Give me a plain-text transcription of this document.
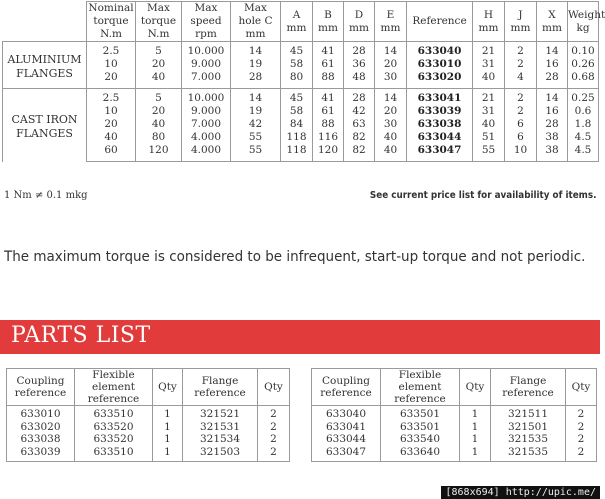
	Nominal
torque
N.m	Max
torque
N.m	Max
speed
rpm	Max
hole C
mm	A
mm	B
mm	D
mm	E
mm	Reference	H
mm	J
mm	X
mm	Weight
kg
ALUMINIUM
FLANGES	2.5	5	10.000	14	45	41	28	14	633040	21	2	14	0.10
	10	20	9.000	19	58	61	36	20	633010	31	2	16	0.26
	20	40	7.000	28	80	88	48	30	633020	40	4	28	0.68
CAST IRON
FLANGES	2.5	5	10.000	14	45	41	28	14	633041	21	2	14	0.25
	10	20	9.000	19	58	61	42	20	633039	31	2	16	0.6
	20	40	7.000	42	84	88	63	30	633038	40	6	28	1.8
	40	80	4.000	55	118	116	82	40	633044	51	6	38	4.5
	60	120	4.000	55	118	120	82	40	633047	55	10	38	4.5
1 Nm ≠ 0.1 mkg	See current price list for availability of items.
The maximum torque is considered to be infrequent, start-up torque and not periodic.
PARTS LIST
Coupling
reference	Flexible
element
reference	Qty	Flange
reference	Qty
633010	633510	1	321521	2
633020	633520	1	321531	2
633038	633520	1	321534	2
633039	633510	1	321503	2
Coupling
reference	Flexible
element
reference	Qty	Flange
reference	Qty
633040	633501	1	321511	2
633041	633501	1	321501	2
633044	633540	1	321535	2
633047	633640	1	321535	2
[868x694] http://upic.me/
